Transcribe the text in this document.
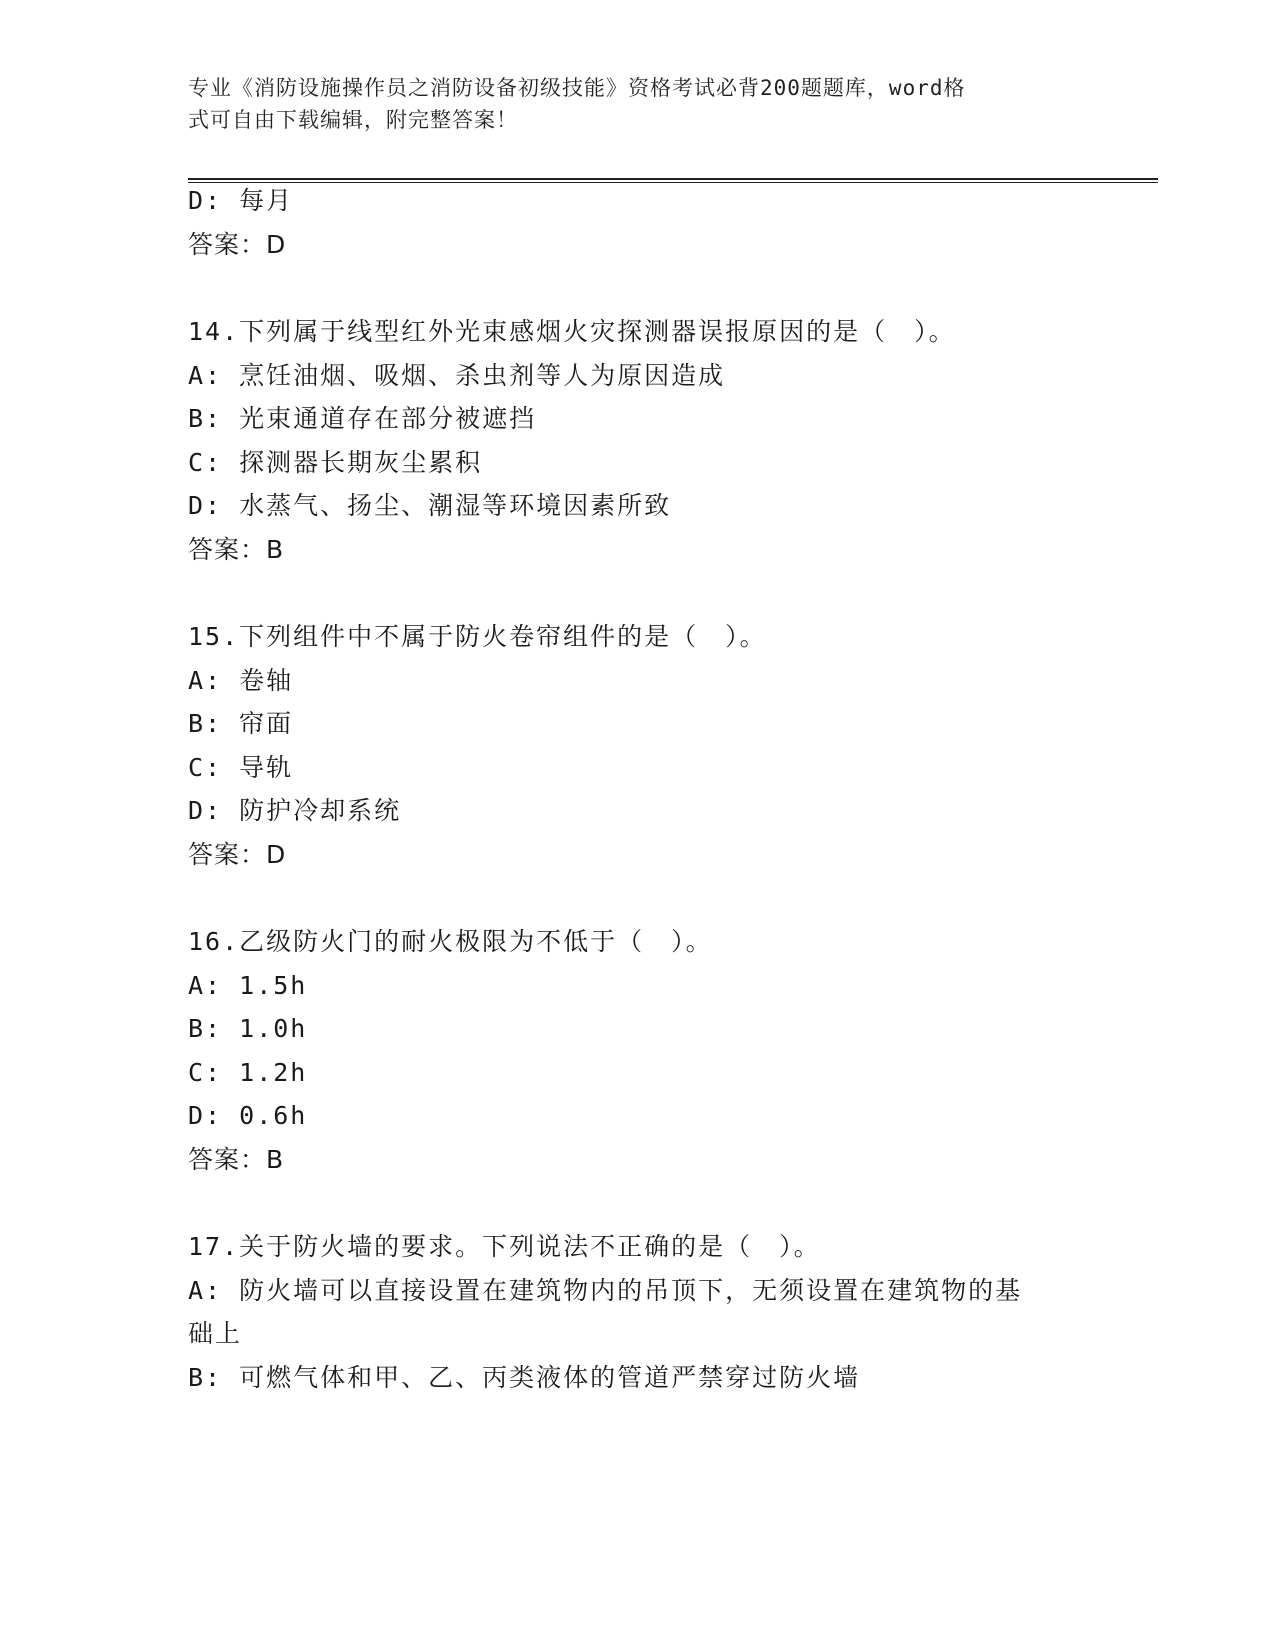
专业《消防设施操作员之消防设备初级技能》资格考试必背200题题库，word格
式可自由下载编辑，附完整答案！
D: 每月
答案：D
14.下列属于线型红外光束感烟火灾探测器误报原因的是（　）。
A: 烹饪油烟、吸烟、杀虫剂等人为原因造成
B: 光束通道存在部分被遮挡
C: 探测器长期灰尘累积
D: 水蒸气、扬尘、潮湿等环境因素所致
答案：B
15.下列组件中不属于防火卷帘组件的是（　）。
A: 卷轴
B: 帘面
C: 导轨
D: 防护冷却系统
答案：D
16.乙级防火门的耐火极限为不低于（　）。
A: 1.5h
B: 1.0h
C: 1.2h
D: 0.6h
答案：B
17.关于防火墙的要求。下列说法不正确的是（　）。
A: 防火墙可以直接设置在建筑物内的吊顶下，无须设置在建筑物的基
础上
B: 可燃气体和甲、乙、丙类液体的管道严禁穿过防火墙
